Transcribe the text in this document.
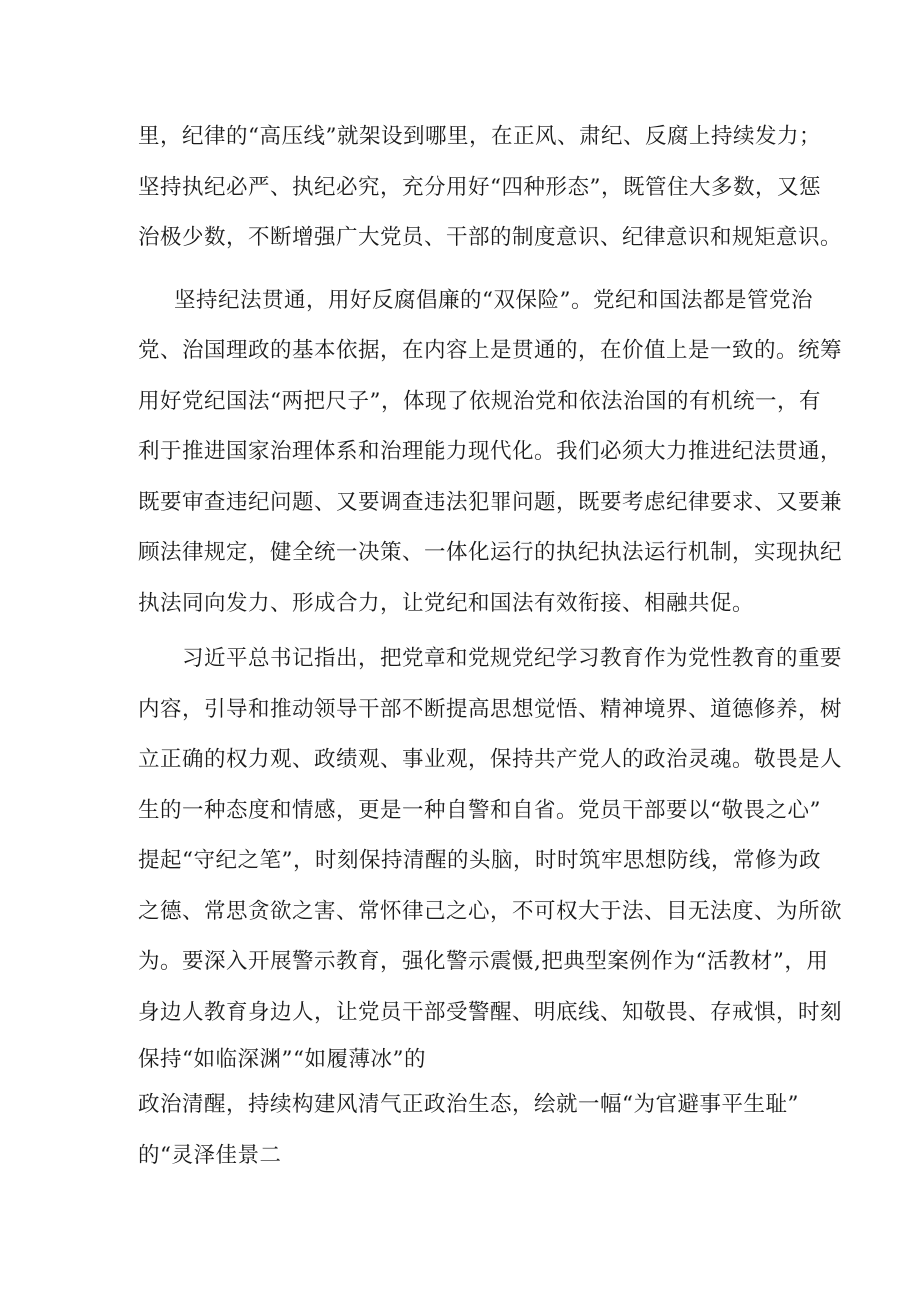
里，纪律的“高压线”就架设到哪里，在正风、肃纪、反腐上持续发力；
坚持执纪必严、执纪必究，充分用好“四种形态”，既管住大多数，又惩
治极少数，不断增强广大党员、干部的制度意识、纪律意识和规矩意识。
坚持纪法贯通，用好反腐倡廉的“双保险”。党纪和国法都是管党治
党、治国理政的基本依据，在内容上是贯通的，在价值上是一致的。统筹
用好党纪国法“两把尺子”，体现了依规治党和依法治国的有机统一，有
利于推进国家治理体系和治理能力现代化。我们必须大力推进纪法贯通，
既要审查违纪问题、又要调查违法犯罪问题，既要考虑纪律要求、又要兼
顾法律规定，健全统一决策、一体化运行的执纪执法运行机制，实现执纪
执法同向发力、形成合力，让党纪和国法有效衔接、相融共促。
习近平总书记指出，把党章和党规党纪学习教育作为党性教育的重要
内容，引导和推动领导干部不断提高思想觉悟、精神境界、道德修养，树
立正确的权力观、政绩观、事业观，保持共产党人的政治灵魂。敬畏是人
生的一种态度和情感，更是一种自警和自省。党员干部要以“敬畏之心”
提起“守纪之笔”，时刻保持清醒的头脑，时时筑牢思想防线，常修为政
之德、常思贪欲之害、常怀律己之心，不可权大于法、目无法度、为所欲
为。要深入开展警示教育，强化警示震慑,把典型案例作为“活教材”，用
身边人教育身边人，让党员干部受警醒、明底线、知敬畏、存戒惧，时刻
保持“如临深渊”“如履薄冰”的
政治清醒，持续构建风清气正政治生态，绘就一幅“为官避事平生耻”
的“灵泽佳景二
